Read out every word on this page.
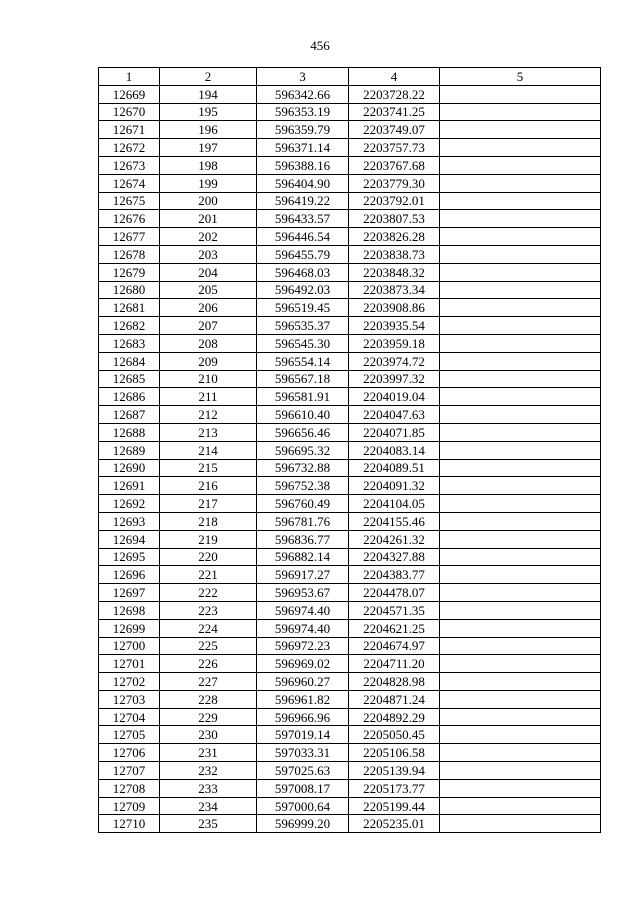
456
1	2	3	4	5
12669	194	596342.66	2203728.22	
12670	195	596353.19	2203741.25	
12671	196	596359.79	2203749.07	
12672	197	596371.14	2203757.73	
12673	198	596388.16	2203767.68	
12674	199	596404.90	2203779.30	
12675	200	596419.22	2203792.01	
12676	201	596433.57	2203807.53	
12677	202	596446.54	2203826.28	
12678	203	596455.79	2203838.73	
12679	204	596468.03	2203848.32	
12680	205	596492.03	2203873.34	
12681	206	596519.45	2203908.86	
12682	207	596535.37	2203935.54	
12683	208	596545.30	2203959.18	
12684	209	596554.14	2203974.72	
12685	210	596567.18	2203997.32	
12686	211	596581.91	2204019.04	
12687	212	596610.40	2204047.63	
12688	213	596656.46	2204071.85	
12689	214	596695.32	2204083.14	
12690	215	596732.88	2204089.51	
12691	216	596752.38	2204091.32	
12692	217	596760.49	2204104.05	
12693	218	596781.76	2204155.46	
12694	219	596836.77	2204261.32	
12695	220	596882.14	2204327.88	
12696	221	596917.27	2204383.77	
12697	222	596953.67	2204478.07	
12698	223	596974.40	2204571.35	
12699	224	596974.40	2204621.25	
12700	225	596972.23	2204674.97	
12701	226	596969.02	2204711.20	
12702	227	596960.27	2204828.98	
12703	228	596961.82	2204871.24	
12704	229	596966.96	2204892.29	
12705	230	597019.14	2205050.45	
12706	231	597033.31	2205106.58	
12707	232	597025.63	2205139.94	
12708	233	597008.17	2205173.77	
12709	234	597000.64	2205199.44	
12710	235	596999.20	2205235.01	
